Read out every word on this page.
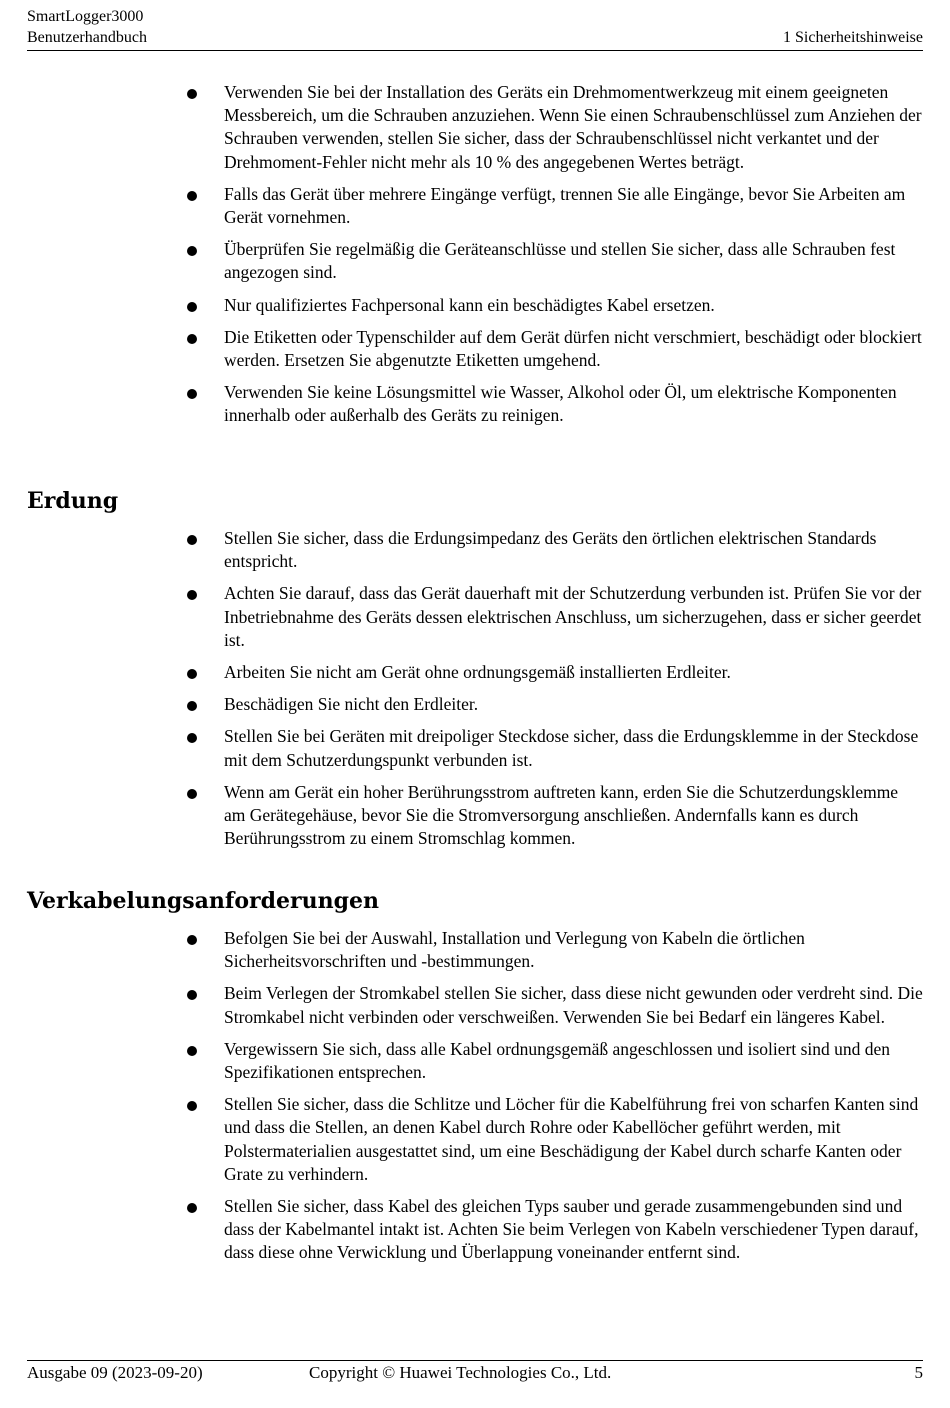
SmartLogger3000
Benutzerhandbuch	1 Sicherheitshinweise
Verwenden Sie bei der Installation des Geräts ein Drehmomentwerkzeug mit einem geeigneten Messbereich, um die Schrauben anzuziehen. Wenn Sie einen Schraubenschlüssel zum Anziehen der Schrauben verwenden, stellen Sie sicher, dass der Schraubenschlüssel nicht verkantet und der Drehmoment-Fehler nicht mehr als 10 % des angegebenen Wertes beträgt.
Falls das Gerät über mehrere Eingänge verfügt, trennen Sie alle Eingänge, bevor Sie Arbeiten am Gerät vornehmen.
Überprüfen Sie regelmäßig die Geräteanschlüsse und stellen Sie sicher, dass alle Schrauben fest angezogen sind.
Nur qualifiziertes Fachpersonal kann ein beschädigtes Kabel ersetzen.
Die Etiketten oder Typenschilder auf dem Gerät dürfen nicht verschmiert, beschädigt oder blockiert werden. Ersetzen Sie abgenutzte Etiketten umgehend.
Verwenden Sie keine Lösungsmittel wie Wasser, Alkohol oder Öl, um elektrische Komponenten innerhalb oder außerhalb des Geräts zu reinigen.
Erdung
Stellen Sie sicher, dass die Erdungsimpedanz des Geräts den örtlichen elektrischen Standards entspricht.
Achten Sie darauf, dass das Gerät dauerhaft mit der Schutzerdung verbunden ist. Prüfen Sie vor der Inbetriebnahme des Geräts dessen elektrischen Anschluss, um sicherzugehen, dass er sicher geerdet ist.
Arbeiten Sie nicht am Gerät ohne ordnungsgemäß installierten Erdleiter.
Beschädigen Sie nicht den Erdleiter.
Stellen Sie bei Geräten mit dreipoliger Steckdose sicher, dass die Erdungsklemme in der Steckdose mit dem Schutzerdungspunkt verbunden ist.
Wenn am Gerät ein hoher Berührungsstrom auftreten kann, erden Sie die Schutzerdungsklemme am Gerätegehäuse, bevor Sie die Stromversorgung anschließen. Andernfalls kann es durch Berührungsstrom zu einem Stromschlag kommen.
Verkabelungsanforderungen
Befolgen Sie bei der Auswahl, Installation und Verlegung von Kabeln die örtlichen Sicherheitsvorschriften und -bestimmungen.
Beim Verlegen der Stromkabel stellen Sie sicher, dass diese nicht gewunden oder verdreht sind. Die Stromkabel nicht verbinden oder verschweißen. Verwenden Sie bei Bedarf ein längeres Kabel.
Vergewissern Sie sich, dass alle Kabel ordnungsgemäß angeschlossen und isoliert sind und den Spezifikationen entsprechen.
Stellen Sie sicher, dass die Schlitze und Löcher für die Kabelführung frei von scharfen Kanten sind und dass die Stellen, an denen Kabel durch Rohre oder Kabellöcher geführt werden, mit Polstermaterialien ausgestattet sind, um eine Beschädigung der Kabel durch scharfe Kanten oder Grate zu verhindern.
Stellen Sie sicher, dass Kabel des gleichen Typs sauber und gerade zusammengebunden sind und dass der Kabelmantel intakt ist. Achten Sie beim Verlegen von Kabeln verschiedener Typen darauf, dass diese ohne Verwicklung und Überlappung voneinander entfernt sind.
Ausgabe 09 (2023-09-20)	Copyright © Huawei Technologies Co., Ltd.	5
